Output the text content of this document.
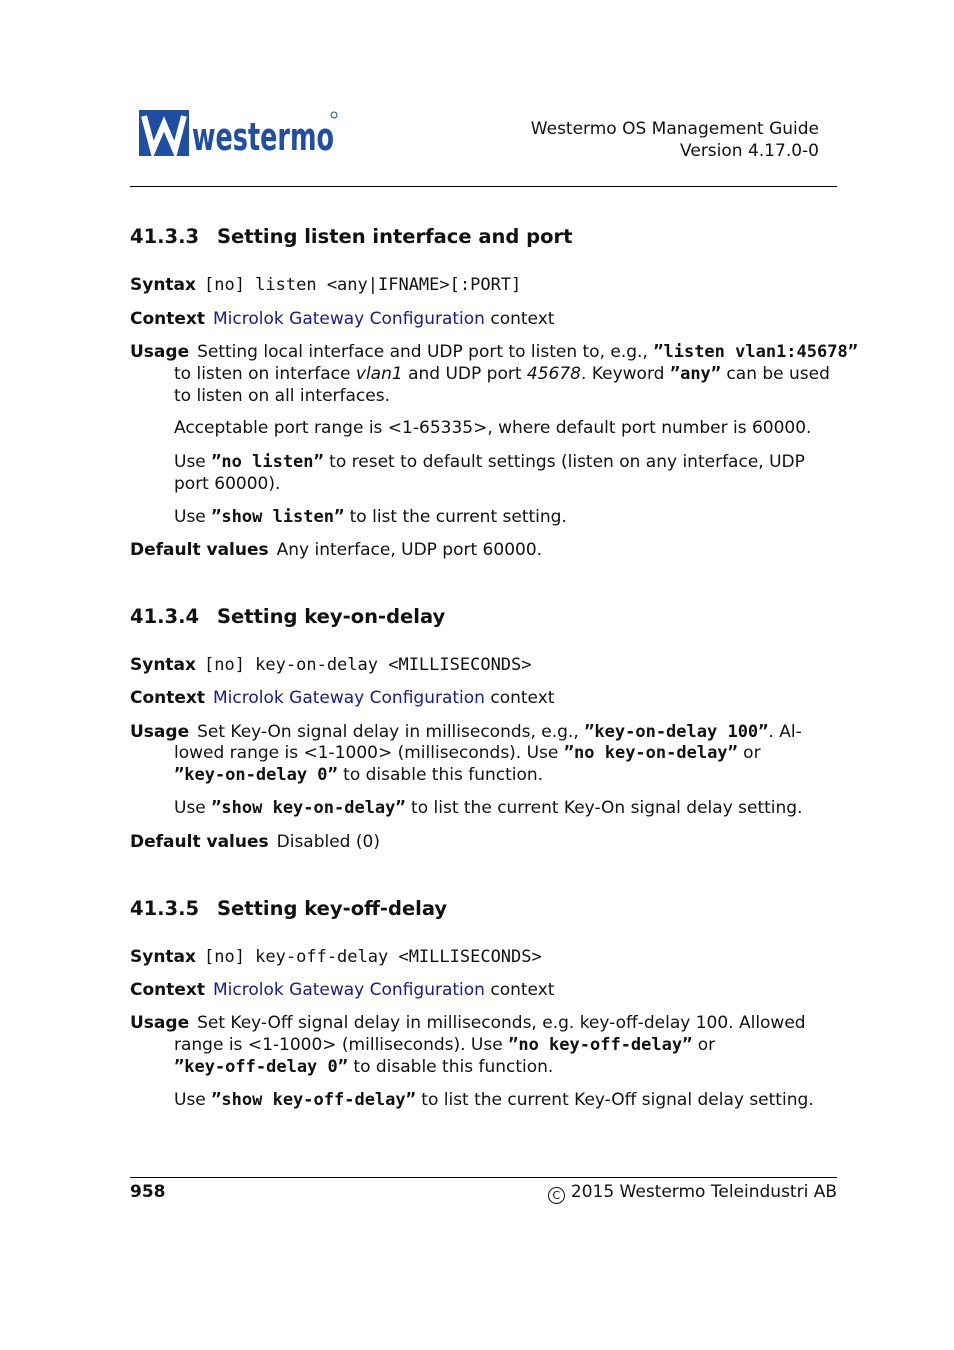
westermo	Westermo OS Management Guide
Version 4.17.0-0
41.3.3 Setting listen interface and port
Syntax [no] listen <any|IFNAME>[:PORT]
Context Microlok Gateway Configuration context
Usage Setting local interface and UDP port to listen to, e.g., ”listen vlan1:45678”
to listen on interface vlan1 and UDP port 45678. Keyword ”any” can be used
to listen on all interfaces.
Acceptable port range is <1-65335>, where default port number is 60000.
Use ”no listen” to reset to default settings (listen on any interface, UDP
port 60000).
Use ”show listen” to list the current setting.
Default values Any interface, UDP port 60000.
41.3.4 Setting key-on-delay
Syntax [no] key-on-delay <MILLISECONDS>
Context Microlok Gateway Configuration context
Usage Set Key-On signal delay in milliseconds, e.g., ”key-on-delay 100”. Al-
lowed range is <1-1000> (milliseconds). Use ”no key-on-delay” or
”key-on-delay 0” to disable this function.
Use ”show key-on-delay” to list the current Key-On signal delay setting.
Default values Disabled (0)
41.3.5 Setting key-off-delay
Syntax [no] key-off-delay <MILLISECONDS>
Context Microlok Gateway Configuration context
Usage Set Key-Off signal delay in milliseconds, e.g. key-off-delay 100. Allowed
range is <1-1000> (milliseconds). Use ”no key-off-delay” or
”key-off-delay 0” to disable this function.
Use ”show key-off-delay” to list the current Key-Off signal delay setting.
958	C 2015 Westermo Teleindustri AB
